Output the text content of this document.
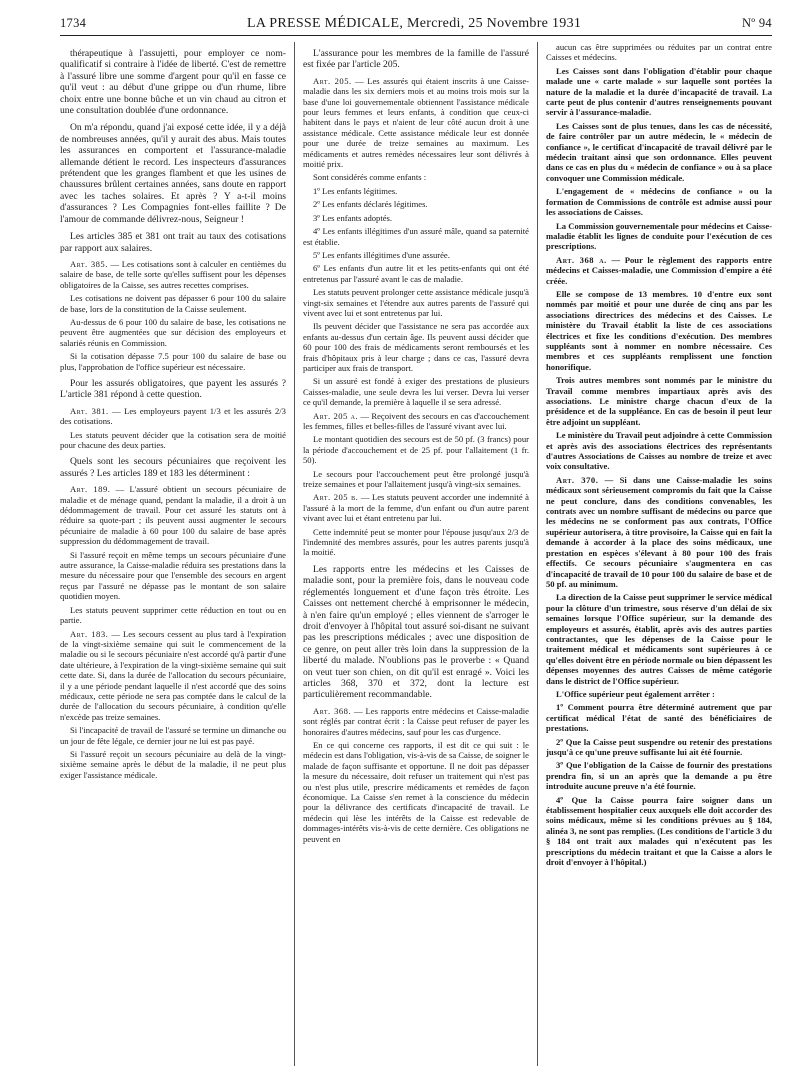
1734	LA PRESSE MÉDICALE, Mercredi, 25 Novembre 1931	Nº 94

thérapeutique à l'assujetti, pour employer ce nom-qualificatif si contraire à l'idée de liberté. C'est de remettre à l'assuré libre une somme d'argent pour qu'il en fasse ce qu'il veut : au début d'une grippe ou d'un rhume, libre choix entre une bonne bûche et un vin chaud au citron et une consultation doublée d'une ordonnance.

On m'a répondu, quand j'ai exposé cette idée, il y a déjà de nombreuses années, qu'il y aurait des abus. Mais toutes les assurances en comportent et l'assurance-maladie allemande détient le record. Les inspecteurs d'assurances prétendent que les granges flambent et que les usines de chaussures brûlent certaines années, sans doute en rapport avec les taches solaires. Et après ? Y a-t-il moins d'assurances ? Les Compagnies font-elles faillite ? De l'amour de commande délivrez-nous, Seigneur !

Les articles 385 et 381 ont trait au taux des cotisations par rapport aux salaires.

Art. 385. — Les cotisations sont à calculer en centièmes du salaire de base, de telle sorte qu'elles suffisent pour les dépenses obligatoires de la Caisse, ses autres recettes comprises.

Les cotisations ne doivent pas dépasser 6 pour 100 du salaire de base, lors de la constitution de la Caisse seulement.

Au-dessus de 6 pour 100 du salaire de base, les cotisations ne peuvent être augmentées que sur décision des employeurs et salariés réunis en Commission.

Si la cotisation dépasse 7.5 pour 100 du salaire de base ou plus, l'approbation de l'office supérieur est nécessaire.

Pour les assurés obligatoires, que payent les assurés ? L'article 381 répond à cette question.

Art. 381. — Les employeurs payent 1/3 et les assurés 2/3 des cotisations.

Les statuts peuvent décider que la cotisation sera de moitié pour chacune des deux parties.

Quels sont les secours pécuniaires que reçoivent les assurés ? Les articles 189 et 183 les déterminent :

Art. 189. — L'assuré obtient un secours pécuniaire de maladie et de ménage quand, pendant la maladie, il a droit à un dédommagement de travail. Pour cet assuré les statuts ont à réduire sa quote-part ; ils peuvent aussi augmenter le secours pécuniaire de maladie à 60 pour 100 du salaire de base après suppression du dédommagement de travail.

Si l'assuré reçoit en même temps un secours pécuniaire d'une autre assurance, la Caisse-maladie réduira ses prestations dans la mesure du nécessaire pour que l'ensemble des secours en argent reçus par l'assuré ne dépasse pas le montant de son salaire quotidien moyen.

Les statuts peuvent supprimer cette réduction en tout ou en partie.

Art. 183. — Les secours cessent au plus tard à l'expiration de la vingt-sixième semaine qui suit le commencement de la maladie ou si le secours pécuniaire n'est accordé qu'à partir d'une date ultérieure, à l'expiration de la vingt-sixième semaine qui suit cette date. Si, dans la durée de l'allocation du secours pécuniaire, il y a une période pendant laquelle il n'est accordé que des soins médicaux, cette période ne sera pas comptée dans le calcul de la durée de l'allocation du secours pécuniaire, à condition qu'elle n'excède pas treize semaines.

Si l'incapacité de travail de l'assuré se termine un dimanche ou un jour de fête légale, ce dernier jour ne lui est pas payé.

Si l'assuré reçoit un secours pécuniaire au delà de la vingt-sixième semaine après le début de la maladie, il ne peut plus exiger l'assistance médicale.

L'assurance pour les membres de la famille de l'assuré est fixée par l'article 205.

Art. 205. — Les assurés qui étaient inscrits à une Caisse-maladie dans les six derniers mois et au moins trois mois sur la base d'une loi gouvernementale obtiennent l'assistance médicale pour leurs femmes et leurs enfants, à condition que ceux-ci habitent dans le pays et n'aient de leur côté aucun droit à une assistance médicale. Cette assistance médicale leur est donnée pour une durée de treize semaines au maximum. Les médicaments et autres remèdes nécessaires leur sont délivrés à moitié prix.

Sont considérés comme enfants :

1º Les enfants légitimes.

2º Les enfants déclarés légitimes.

3º Les enfants adoptés.

4º Les enfants illégitimes d'un assuré mâle, quand sa paternité est établie.

5º Les enfants illégitimes d'une assurée.

6º Les enfants d'un autre lit et les petits-enfants qui ont été entretenus par l'assuré avant le cas de maladie.

Les statuts peuvent prolonger cette assistance médicale jusqu'à vingt-six semaines et l'étendre aux autres parents de l'assuré qui vivent avec lui et sont entretenus par lui.

Ils peuvent décider que l'assistance ne sera pas accordée aux enfants au-dessus d'un certain âge. Ils peuvent aussi décider que 60 pour 100 des frais de médicaments seront remboursés et les frais d'hôpitaux pris à leur charge ; dans ce cas, l'assuré devra participer aux frais de transport.

Si un assuré est fondé à exiger des prestations de plusieurs Caisses-maladie, une seule devra les lui verser. Devra lui verser ce qu'il demande, la première à laquelle il se sera adressé.

Art. 205 a. — Reçoivent des secours en cas d'accouchement les femmes, filles et belles-filles de l'assuré vivant avec lui.

Le montant quotidien des secours est de 50 pf. (3 francs) pour la période d'accouchement et de 25 pf. pour l'allaitement (1 fr. 50).

Le secours pour l'accouchement peut être prolongé jusqu'à treize semaines et pour l'allaitement jusqu'à vingt-six semaines.

Art. 205 b. — Les statuts peuvent accorder une indemnité à l'assuré à la mort de la femme, d'un enfant ou d'un autre parent vivant avec lui et étant entretenu par lui.

Cette indemnité peut se monter pour l'épouse jusqu'aux 2/3 de l'indemnité des membres assurés, pour les autres parents jusqu'à la moitié.

Les rapports entre les médecins et les Caisses de maladie sont, pour la première fois, dans le nouveau code réglementés longuement et d'une façon très étroite. Les Caisses ont nettement cherché à emprisonner le médecin, à n'en faire qu'un employé ; elles viennent de s'arroger le droit d'envoyer à l'hôpital tout assuré soi-disant ne suivant pas les prescriptions médicales ; avec une disposition de ce genre, on peut aller très loin dans la suppression de la liberté du malade. N'oublions pas le proverbe : « Quand on veut tuer son chien, on dit qu'il est enragé ». Voici les articles 368, 370 et 372, dont la lecture est particulièrement recommandable.

Art. 368. — Les rapports entre médecins et Caisse-maladie sont réglés par contrat écrit : la Caisse peut refuser de payer les honoraires d'autres médecins, sauf pour les cas d'urgence.

En ce qui concerne ces rapports, il est dit ce qui suit : le médecin est dans l'obligation, vis-à-vis de sa Caisse, de soigner le malade de façon suffisante et opportune. Il ne doit pas dépasser la mesure du nécessaire, doit refuser un traitement qui n'est pas ou n'est plus utile, prescrire médicaments et remèdes de façon économique. La Caisse s'en remet à la conscience du médecin pour la délivrance des certificats d'incapacité de travail. Le médecin qui lèse les intérêts de la Caisse est redevable de dommages-intérêts vis-à-vis de cette dernière. Ces obligations ne peuvent en

aucun cas être supprimées ou réduites par un contrat entre Caisses et médecins.

Les Caisses sont dans l'obligation d'établir pour chaque malade une « carte malade » sur laquelle sont portées la nature de la maladie et la durée d'incapacité de travail. La carte peut de plus contenir d'autres renseignements pouvant servir à l'assurance-maladie.

Les Caisses sont de plus tenues, dans les cas de nécessité, de faire contrôler par un autre médecin, le « médecin de confiance », le certificat d'incapacité de travail délivré par le médecin traitant ainsi que son ordonnance. Elles peuvent dans ce cas en plus du « médecin de confiance » ou à sa place convoquer une Commission médicale.

L'engagement de « médecins de confiance » ou la formation de Commissions de contrôle est admise aussi pour les associations de Caisses.

La Commission gouvernementale pour médecins et Caisse-maladie établit les lignes de conduite pour l'exécution de ces prescriptions.

Art. 368 a. — Pour le règlement des rapports entre médecins et Caisses-maladie, une Commission d'empire a été créée.

Elle se compose de 13 membres. 10 d'entre eux sont nommés par moitié et pour une durée de cinq ans par les associations directrices des médecins et des Caisses. Le ministère du Travail établit la liste de ces associations électrices et fixe les conditions d'exécution. Des membres suppléants sont à nommer en nombre nécessaire. Ces membres et ces suppléants remplissent une fonction honorifique.

Trois autres membres sont nommés par le ministre du Travail comme membres impartiaux après avis des associations. Le ministre charge chacun d'eux de la présidence et de la suppléance. En cas de besoin il peut leur être adjoint un suppléant.

Le ministère du Travail peut adjoindre à cette Commission et après avis des associations électrices des représentants d'autres Associations de Caisses au nombre de treize et avec voix consultative.

Art. 370. — Si dans une Caisse-maladie les soins médicaux sont sérieusement compromis du fait que la Caisse ne peut conclure, dans des conditions convenables, les contrats avec un nombre suffisant de médecins ou parce que les médecins ne se conforment pas aux contrats, l'Office supérieur autorisera, à titre provisoire, la Caisse qui en fait la demande à accorder à la place des soins médicaux, une prestation en espèces s'élevant à 80 pour 100 des frais effectifs. Ce secours pécuniaire s'augmentera en cas d'incapacité de travail de 10 pour 100 du salaire de base et de 50 pf. au minimum.

La direction de la Caisse peut supprimer le service médical pour la clôture d'un trimestre, sous réserve d'un délai de six semaines lorsque l'Office supérieur, sur la demande des employeurs et assurés, établit, après avis des autres parties contractantes, que les dépenses de la Caisse pour le traitement médical et médicaments sont supérieures à ce qu'elles doivent être en période normale ou bien dépassent les dépenses moyennes des autres Caisses de même catégorie dans le district de l'Office supérieur.

L'Office supérieur peut également arrêter :

1º Comment pourra être déterminé autrement que par certificat médical l'état de santé des bénéficiaires de prestations.

2º Que la Caisse peut suspendre ou retenir des prestations jusqu'à ce qu'une preuve suffisante lui ait été fournie.

3º Que l'obligation de la Caisse de fournir des prestations prendra fin, si un an après que la demande a pu être introduite aucune preuve n'a été fournie.

4º Que la Caisse pourra faire soigner dans un établissement hospitalier ceux auxquels elle doit accorder des soins médicaux, même si les conditions prévues au § 184, alinéa 3, ne sont pas remplies. (Les conditions de l'article 3 du § 184 ont trait aux malades qui n'exécutent pas les prescriptions du médecin traitant et que la Caisse a alors le droit d'envoyer à l'hôpital.)
